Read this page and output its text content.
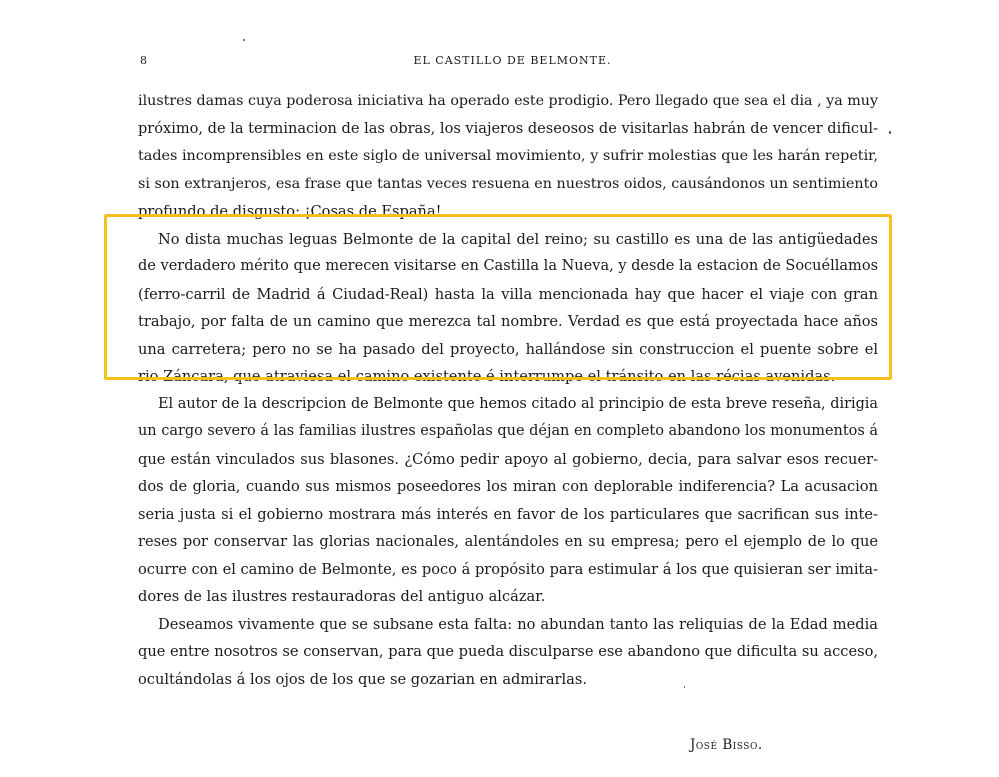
8	EL CASTILLO DE BELMONTE.

ilustres damas cuya poderosa iniciativa ha operado este prodigio. Pero llegado que sea el dia , ya muy
próximo, de la terminacion de las obras, los viajeros deseosos de visitarlas habrán de vencer dificul-
tades incomprensibles en este siglo de universal movimiento, y sufrir molestias que les harán repetir,
si son extranjeros, esa frase que tantas veces resuena en nuestros oidos, causándonos un sentimiento
profundo de disgusto: ¡Cosas de España!

No dista muchas leguas Belmonte de la capital del reino; su castillo es una de las antigüedades
de verdadero mérito que merecen visitarse en Castilla la Nueva, y desde la estacion de Socuéllamos
(ferro-carril de Madrid á Ciudad-Real) hasta la villa mencionada hay que hacer el viaje con gran
trabajo, por falta de un camino que merezca tal nombre. Verdad es que está proyectada hace años
una carretera; pero no se ha pasado del proyecto, hallándose sin construccion el puente sobre el
rio Záncara, que atraviesa el camino existente é interrumpe el tránsito en las récias avenidas.

El autor de la descripcion de Belmonte que hemos citado al principio de esta breve reseña, dirigia
un cargo severo á las familias ilustres españolas que déjan en completo abandono los monumentos á
que están vinculados sus blasones. ¿Cómo pedir apoyo al gobierno, decia, para salvar esos recuer-
dos de gloria, cuando sus mismos poseedores los miran con deplorable indiferencia? La acusacion
seria justa si el gobierno mostrara más interés en favor de los particulares que sacrifican sus inte-
reses por conservar las glorias nacionales, alentándoles en su empresa; pero el ejemplo de lo que
ocurre con el camino de Belmonte, es poco á propósito para estimular á los que quisieran ser imita-
dores de las ilustres restauradoras del antiguo alcázar.

Deseamos vivamente que se subsane esta falta: no abundan tanto las reliquias de la Edad media
que entre nosotros se conservan, para que pueda disculparse ese abandono que dificulta su acceso,
ocultándolas á los ojos de los que se gozarian en admirarlas.

José Bisso.
